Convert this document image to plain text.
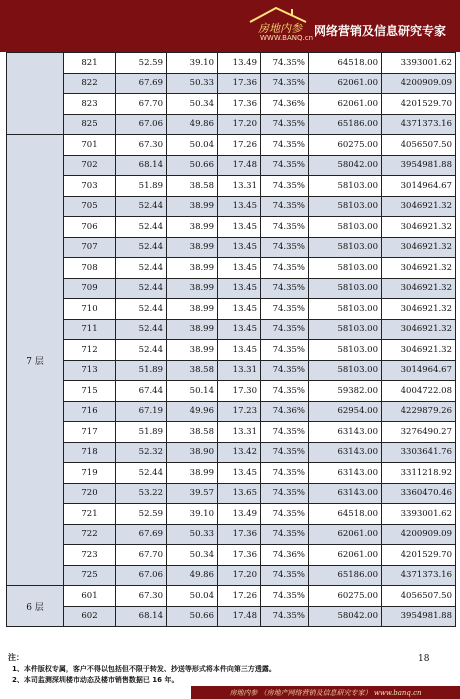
房地内参
WWW.BANQ.cn
网络营销及信息研究专家
	821	52.59	39.10	13.49	74.35%	64518.00	3393001.62
	822	67.69	50.33	17.36	74.35%	62061.00	4200909.09
	823	67.70	50.34	17.36	74.36%	62061.00	4201529.70
	825	67.06	49.86	17.20	74.35%	65186.00	4371373.16
7 层	701	67.30	50.04	17.26	74.35%	60275.00	4056507.50
	702	68.14	50.66	17.48	74.35%	58042.00	3954981.88
	703	51.89	38.58	13.31	74.35%	58103.00	3014964.67
	705	52.44	38.99	13.45	74.35%	58103.00	3046921.32
	706	52.44	38.99	13.45	74.35%	58103.00	3046921.32
	707	52.44	38.99	13.45	74.35%	58103.00	3046921.32
	708	52.44	38.99	13.45	74.35%	58103.00	3046921.32
	709	52.44	38.99	13.45	74.35%	58103.00	3046921.32
	710	52.44	38.99	13.45	74.35%	58103.00	3046921.32
	711	52.44	38.99	13.45	74.35%	58103.00	3046921.32
	712	52.44	38.99	13.45	74.35%	58103.00	3046921.32
	713	51.89	38.58	13.31	74.35%	58103.00	3014964.67
	715	67.44	50.14	17.30	74.35%	59382.00	4004722.08
	716	67.19	49.96	17.23	74.36%	62954.00	4229879.26
	717	51.89	38.58	13.31	74.35%	63143.00	3276490.27
	718	52.32	38.90	13.42	74.35%	63143.00	3303641.76
	719	52.44	38.99	13.45	74.35%	63143.00	3311218.92
	720	53.22	39.57	13.65	74.35%	63143.00	3360470.46
	721	52.59	39.10	13.49	74.35%	64518.00	3393001.62
	722	67.69	50.33	17.36	74.35%	62061.00	4200909.09
	723	67.70	50.34	17.36	74.36%	62061.00	4201529.70
	725	67.06	49.86	17.20	74.35%	65186.00	4371373.16
6 层	601	67.30	50.04	17.26	74.35%	60275.00	4056507.50
	602	68.14	50.66	17.48	74.35%	58042.00	3954981.88
注：	18
1、本件版权专属，客户不得以包括但不限于转发、抄送等形式将本件向第三方透露。
2、本司监测深圳楼市动态及楼市销售数据已 16 年。
房地内参 （房地产网络营销及信息研究专家） www.banq.cn
